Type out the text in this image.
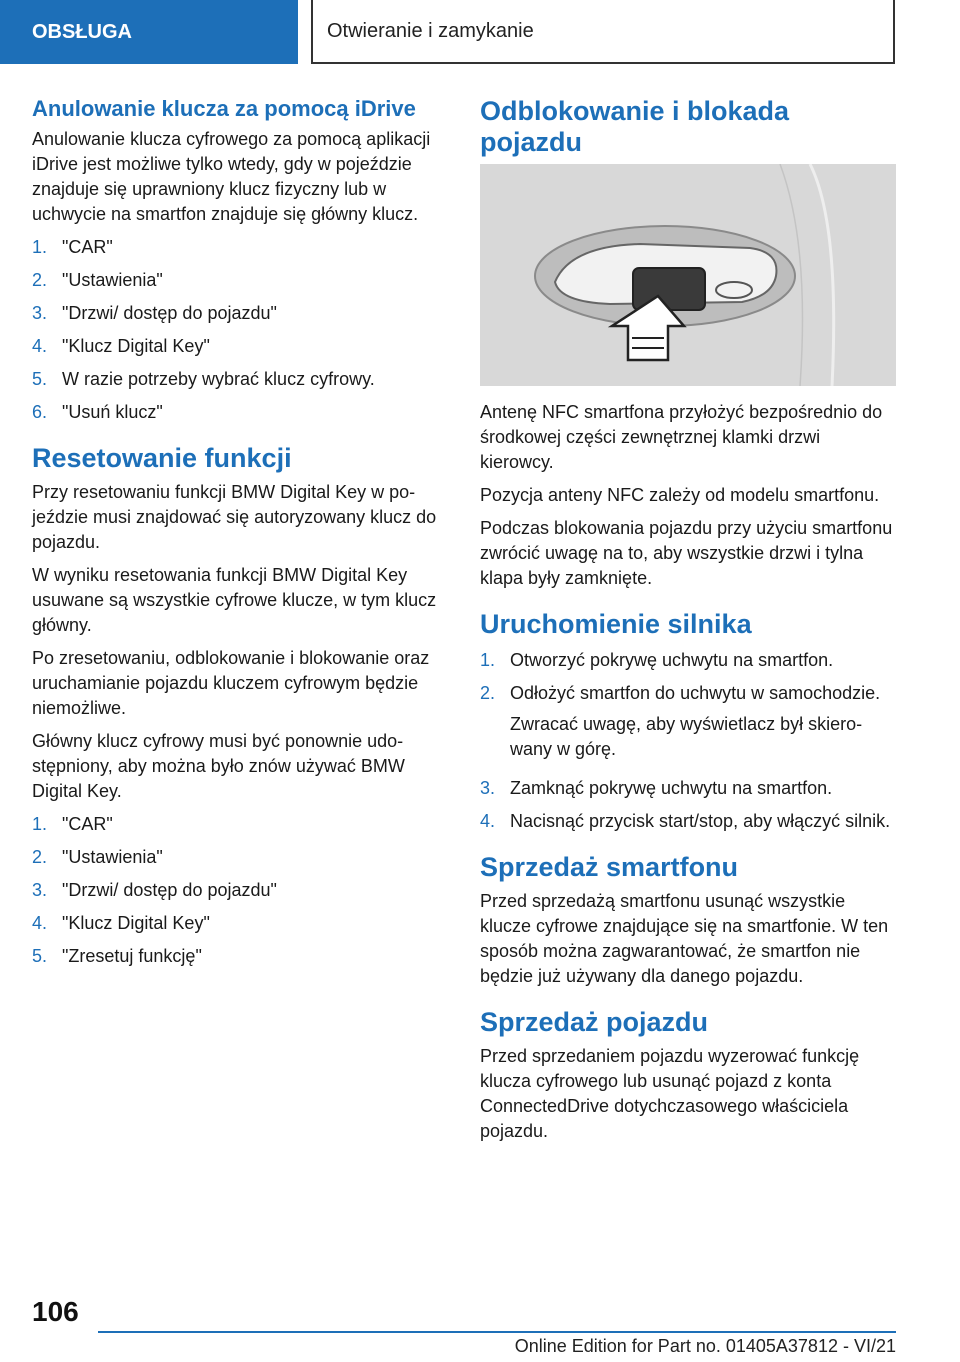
OBSŁUGA	Otwieranie i zamykanie
Anulowanie klucza za pomocą iDrive

Anulowanie klucza cyfrowego za pomocą aplikacji iDrive jest możliwe tylko wtedy, gdy w pojeździe znajduje się uprawniony klucz fizyczny lub w uchwycie na smartfon znajduje się główny klucz.

1. "CAR"
2. "Ustawienia"
3. "Drzwi/ dostęp do pojazdu"
4. "Klucz Digital Key"
5. W razie potrzeby wybrać klucz cyfrowy.
6. "Usuń klucz"
Resetowanie funkcji

Przy resetowaniu funkcji BMW Digital Key w pojeździe musi znajdować się autoryzowany klucz do pojazdu.

W wyniku resetowania funkcji BMW Digital Key usuwane są wszystkie cyfrowe klucze, w tym klucz główny.

Po zresetowaniu, odblokowanie i blokowanie oraz uruchamianie pojazdu kluczem cyfrowym będzie niemożliwe.

Główny klucz cyfrowy musi być ponownie udostępniony, aby można było znów używać BMW Digital Key.

1. "CAR"
2. "Ustawienia"
3. "Drzwi/ dostęp do pojazdu"
4. "Klucz Digital Key"
5. "Zresetuj funkcję"
Odblokowanie i blokada pojazdu

Antenę NFC smartfona przyłożyć bezpośrednio do środkowej części zewnętrznej klamki drzwi kierowcy.

Pozycja anteny NFC zależy od modelu smartfonu.

Podczas blokowania pojazdu przy użyciu smartfonu zwrócić uwagę na to, aby wszystkie drzwi i tylna klapa były zamknięte.

Uruchomienie silnika
1. Otworzyć pokrywę uchwytu na smartfon.
2. Odłożyć smartfon do uchwytu w samochodzie.

Zwracać uwagę, aby wyświetlacz był skierowany w górę.

3. Zamknąć pokrywę uchwytu na smartfon.
4. Nacisnąć przycisk start/stop, aby włączyć silnik.
Sprzedaż smartfonu

Przed sprzedażą smartfonu usunąć wszystkie klucze cyfrowe znajdujące się na smartfonie. W ten sposób można zagwarantować, że smartfon nie będzie już używany dla danego pojazdu.

Sprzedaż pojazdu

Przed sprzedaniem pojazdu wyzerować funkcję klucza cyfrowego lub usunąć pojazd z konta ConnectedDrive dotychczasowego właściciela pojazdu.

106
Online Edition for Part no. 01405A37812 - VI/21
